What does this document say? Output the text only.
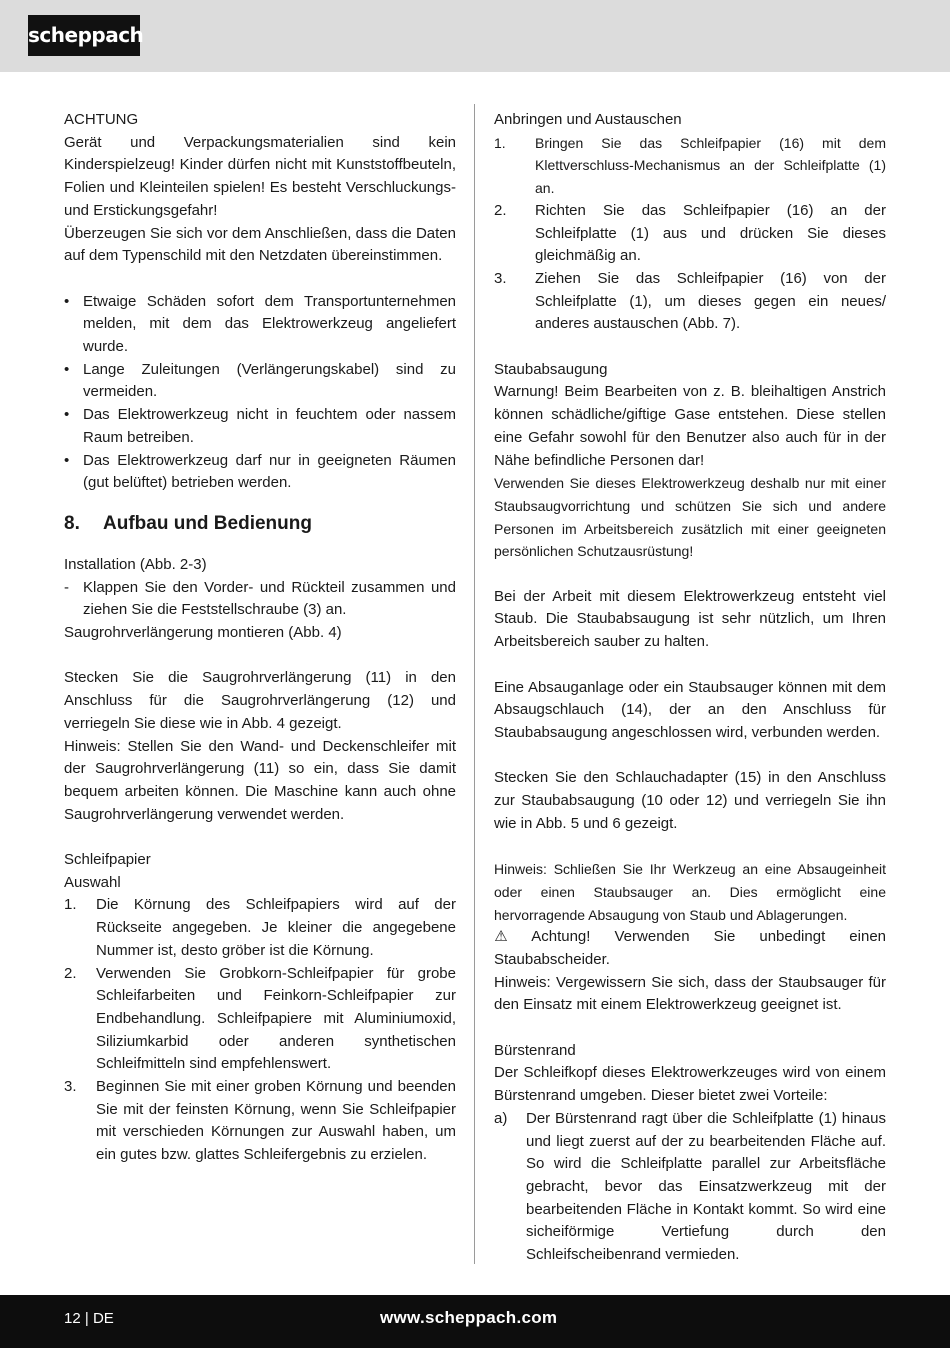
scheppach
ACHTUNG
Gerät und Verpackungsmaterialien sind kein Kinderspielzeug! Kinder dürfen nicht mit Kunststoffbeuteln, Folien und Kleinteilen spielen! Es besteht Verschluckungs- und Erstickungsgefahr!
Überzeugen Sie sich vor dem Anschließen, dass die Daten auf dem Typenschild mit den Netzdaten übereinstimmen.
• Etwaige Schäden sofort dem Transportunternehmen melden, mit dem das Elektrowerkzeug angeliefert wurde.
• Lange Zuleitungen (Verlängerungskabel) sind zu vermeiden.
• Das Elektrowerkzeug nicht in feuchtem oder nassem Raum betreiben.
• Das Elektrowerkzeug darf nur in geeigneten Räumen (gut belüftet) betrieben werden.
8. Aufbau und Bedienung
Installation (Abb. 2-3)
- Klappen Sie den Vorder- und Rückteil zusammen und ziehen Sie die Feststellschraube (3) an.
Saugrohrverlängerung montieren (Abb. 4)
Stecken Sie die Saugrohrverlängerung (11) in den Anschluss für die Saugrohrverlängerung (12) und verriegeln Sie diese wie in Abb. 4 gezeigt.
Hinweis: Stellen Sie den Wand- und Deckenschleifer mit der Saugrohrverlängerung (11) so ein, dass Sie damit bequem arbeiten können. Die Maschine kann auch ohne Saugrohrverlängerung verwendet werden.
Schleifpapier
Auswahl
1. Die Körnung des Schleifpapiers wird auf der Rückseite angegeben. Je kleiner die angegebene Nummer ist, desto gröber ist die Körnung.
2. Verwenden Sie Grobkorn-Schleifpapier für grobe Schleifarbeiten und Feinkorn-Schleifpapier zur Endbehandlung. Schleifpapiere mit Aluminiumoxid, Siliziumkarbid oder anderen synthetischen Schleifmitteln sind empfehlenswert.
3. Beginnen Sie mit einer groben Körnung und beenden Sie mit der feinsten Körnung, wenn Sie Schleifpapier mit verschieden Körnungen zur Auswahl haben, um ein gutes bzw. glattes Schleifergebnis zu erzielen.
Anbringen und Austauschen
1. Bringen Sie das Schleifpapier (16) mit dem Klettverschluss-Mechanismus an der Schleifplatte (1) an.
2. Richten Sie das Schleifpapier (16) an der Schleifplatte (1) aus und drücken Sie dieses gleichmäßig an.
3. Ziehen Sie das Schleifpapier (16) von der Schleifplatte (1), um dieses gegen ein neues/ anderes austauschen (Abb. 7).
Staubabsaugung
Warnung! Beim Bearbeiten von z. B. bleihaltigen Anstrich können schädliche/giftige Gase entstehen. Diese stellen eine Gefahr sowohl für den Benutzer also auch für in der Nähe befindliche Personen dar!
Verwenden Sie dieses Elektrowerkzeug deshalb nur mit einer Staubsaugvorrichtung und schützen Sie sich und andere Personen im Arbeitsbereich zusätzlich mit einer geeigneten persönlichen Schutzausrüstung!
Bei der Arbeit mit diesem Elektrowerkzeug entsteht viel Staub. Die Staubabsaugung ist sehr nützlich, um Ihren Arbeitsbereich sauber zu halten.
Eine Absauganlage oder ein Staubsauger können mit dem Absaugschlauch (14), der an den Anschluss für Staubabsaugung angeschlossen wird, verbunden werden.
Stecken Sie den Schlauchadapter (15) in den Anschluss zur Staubabsaugung (10 oder 12) und verriegeln Sie ihn wie in Abb. 5 und 6 gezeigt.
Hinweis: Schließen Sie Ihr Werkzeug an eine Absaugeinheit oder einen Staubsauger an. Dies ermöglicht eine hervorragende Absaugung von Staub und Ablagerungen.
⚠ Achtung! Verwenden Sie unbedingt einen Staubabscheider.
Hinweis: Vergewissern Sie sich, dass der Staubsauger für den Einsatz mit einem Elektrowerkzeug geeignet ist.
Bürstenrand
Der Schleifkopf dieses Elektrowerkzeuges wird von einem Bürstenrand umgeben. Dieser bietet zwei Vorteile:
a) Der Bürstenrand ragt über die Schleifplatte (1) hinaus und liegt zuerst auf der zu bearbeitenden Fläche auf. So wird die Schleifplatte parallel zur Arbeitsfläche gebracht, bevor das Einsatzwerkzeug mit der bearbeitenden Fläche in Kontakt kommt. So wird eine sicheiförmige Vertiefung durch den Schleifscheibenrand vermieden.
12 | DE	www.scheppach.com
